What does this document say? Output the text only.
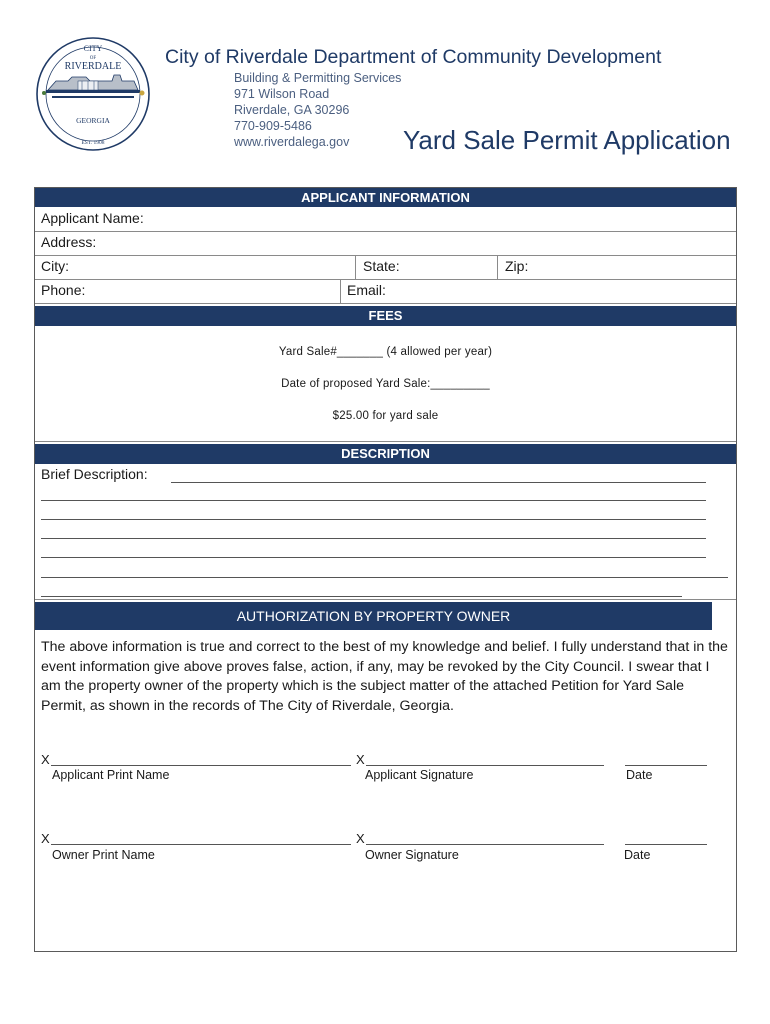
CITY
OF
RIVERDALE
GEORGIA
EST. 1908
City of Riverdale Department of Community Development
Building & Permitting Services
971 Wilson Road
Riverdale, GA 30296
770-909-5486
www.riverdalega.gov	Yard Sale Permit Application
APPLICANT INFORMATION
Applicant Name:
Address:
City:	State:	Zip:
Phone:	Email:
FEES
Yard Sale#_______ (4 allowed per year)
Date of proposed Yard Sale:_________
$25.00 for yard sale
DESCRIPTION
Brief Description:
AUTHORIZATION BY PROPERTY OWNER
The above information is true and correct to the best of my knowledge and belief. I fully understand that in the event information give above proves false, action, if any, may be revoked by the City Council. I swear that I am the property owner of the property which is the subject matter of the attached Petition for Yard Sale Permit, as shown in the records of The City of Riverdale, Georgia.
X	X
Applicant Print Name	Applicant Signature	Date
X	X
Owner Print Name	Owner Signature	Date
